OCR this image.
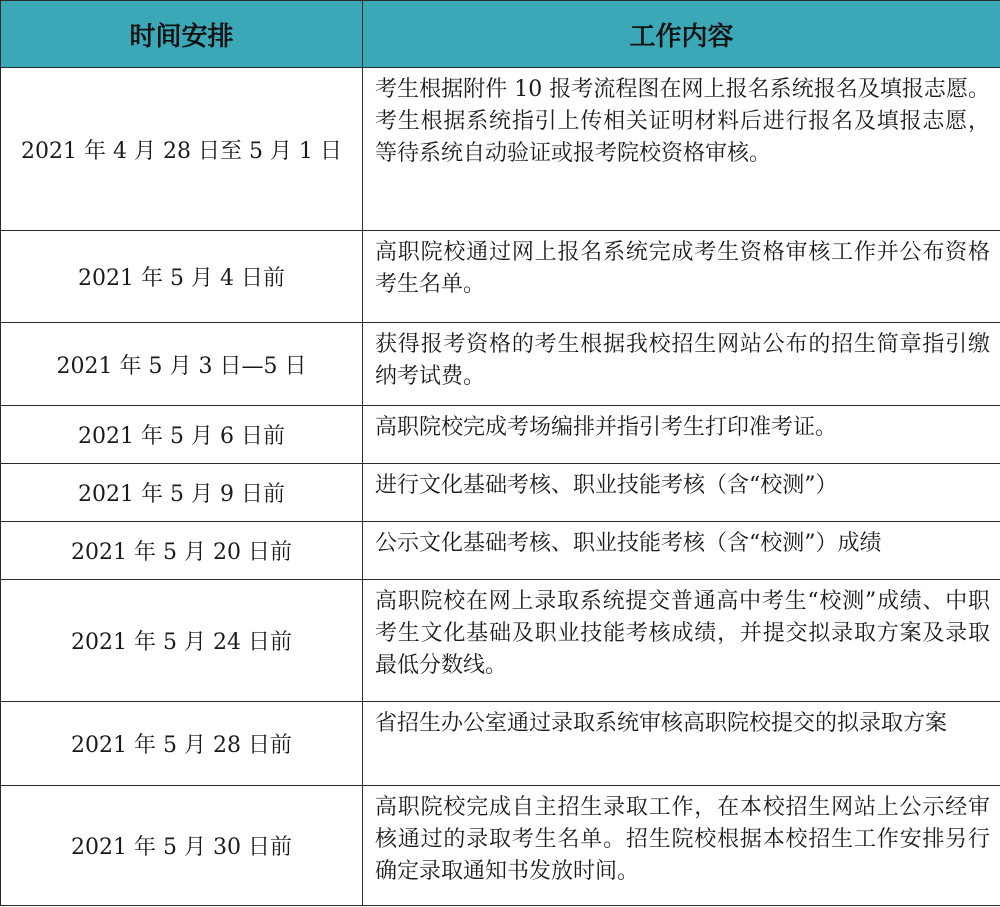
时间安排	工作内容
2021 年 4 月 28 日至 5 月 1 日	考生根据附件 10 报考流程图在网上报名系统报名及填报志愿。考生根据系统指引上传相关证明材料后进行报名及填报志愿，等待系统自动验证或报考院校资格审核。
2021 年 5 月 4 日前	高职院校通过网上报名系统完成考生资格审核工作并公布资格考生名单。
2021 年 5 月 3 日—5 日	获得报考资格的考生根据我校招生网站公布的招生简章指引缴纳考试费。
2021 年 5 月 6 日前	高职院校完成考场编排并指引考生打印准考证。
2021 年 5 月 9 日前	进行文化基础考核、职业技能考核（含“校测”）
2021 年 5 月 20 日前	公示文化基础考核、职业技能考核（含“校测”）成绩
2021 年 5 月 24 日前	高职院校在网上录取系统提交普通高中考生“校测”成绩、中职考生文化基础及职业技能考核成绩，并提交拟录取方案及录取最低分数线。
2021 年 5 月 28 日前	省招生办公室通过录取系统审核高职院校提交的拟录取方案
2021 年 5 月 30 日前	高职院校完成自主招生录取工作，在本校招生网站上公示经审核通过的录取考生名单。招生院校根据本校招生工作安排另行确定录取通知书发放时间。
